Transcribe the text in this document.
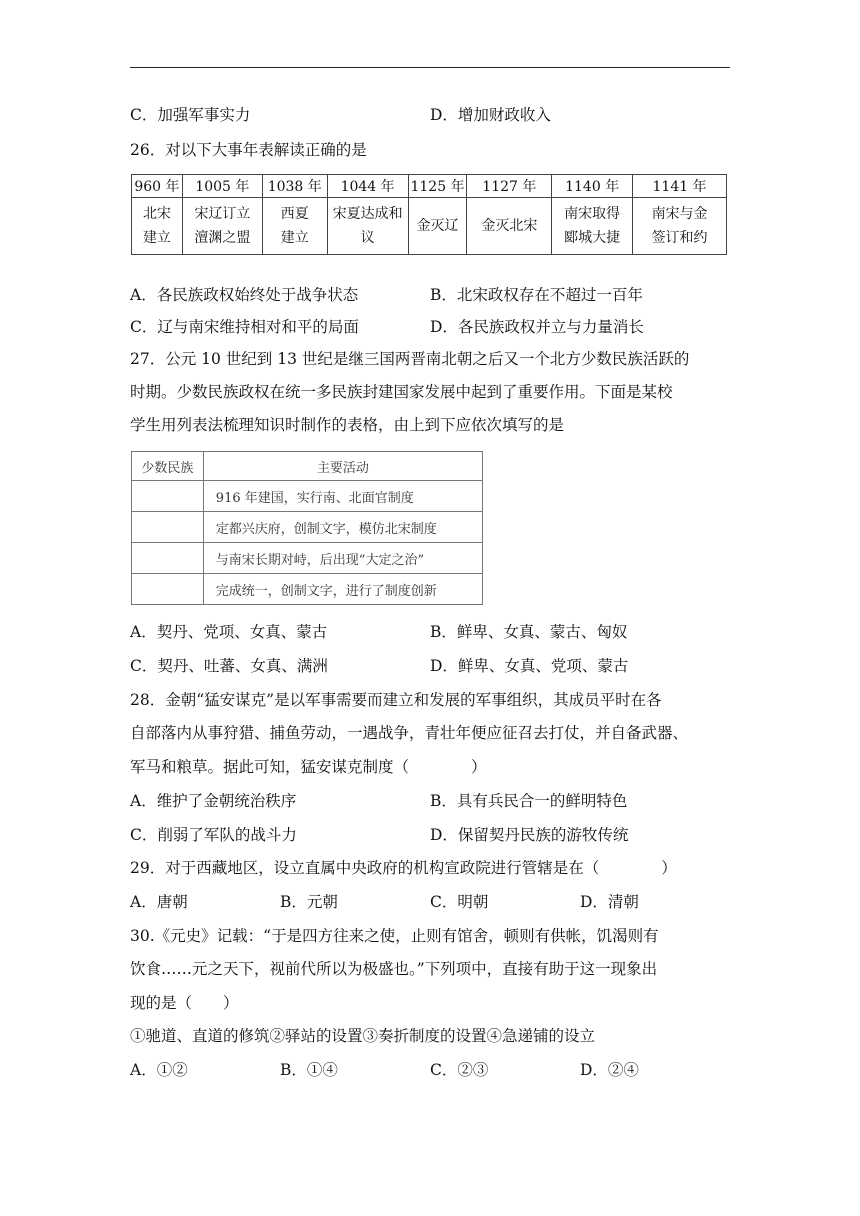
C．加强军事实力	D．增加财政收入
26．对以下大事年表解读正确的是
960 年	1005 年	1038 年	1044 年	1125 年	1127 年	1140 年	1141 年
北宋建立	宋辽订立澶渊之盟	西夏建立	宋夏达成和议	金灭辽	金灭北宋	南宋取得郾城大捷	南宋与金签订和约
A．各民族政权始终处于战争状态	B．北宋政权存在不超过一百年
C．辽与南宋维持相对和平的局面	D．各民族政权并立与力量消长
27．公元 10 世纪到 13 世纪是继三国两晋南北朝之后又一个北方少数民族活跃的
时期。少数民族政权在统一多民族封建国家发展中起到了重要作用。下面是某校
学生用列表法梳理知识时制作的表格，由上到下应依次填写的是
少数民族	主要活动
	916 年建国，实行南、北面官制度
	定都兴庆府，创制文字，模仿北宋制度
	与南宋长期对峙，后出现“大定之治”
	完成统一，创制文字，进行了制度创新
A．契丹、党项、女真、蒙古	B．鲜卑、女真、蒙古、匈奴
C．契丹、吐蕃、女真、满洲	D．鲜卑、女真、党项、蒙古
28．金朝“猛安谋克”是以军事需要而建立和发展的军事组织，其成员平时在各
自部落内从事狩猎、捕鱼劳动，一遇战争，青壮年便应征召去打仗，并自备武器、
军马和粮草。据此可知，猛安谋克制度（　　　　）
A．维护了金朝统治秩序	B．具有兵民合一的鲜明特色
C．削弱了军队的战斗力	D．保留契丹民族的游牧传统
29．对于西藏地区，设立直属中央政府的机构宣政院进行管辖是在（　　　　）
A．唐朝	B．元朝	C．明朝	D．清朝
30.《元史》记载：“于是四方往来之使，止则有馆舍，顿则有供帐，饥渴则有
饮食……元之天下，视前代所以为极盛也。”下列项中，直接有助于这一现象出
现的是（　　）
①驰道、直道的修筑②驿站的设置③奏折制度的设置④急递铺的设立
A．①②	B．①④	C．②③	D．②④
